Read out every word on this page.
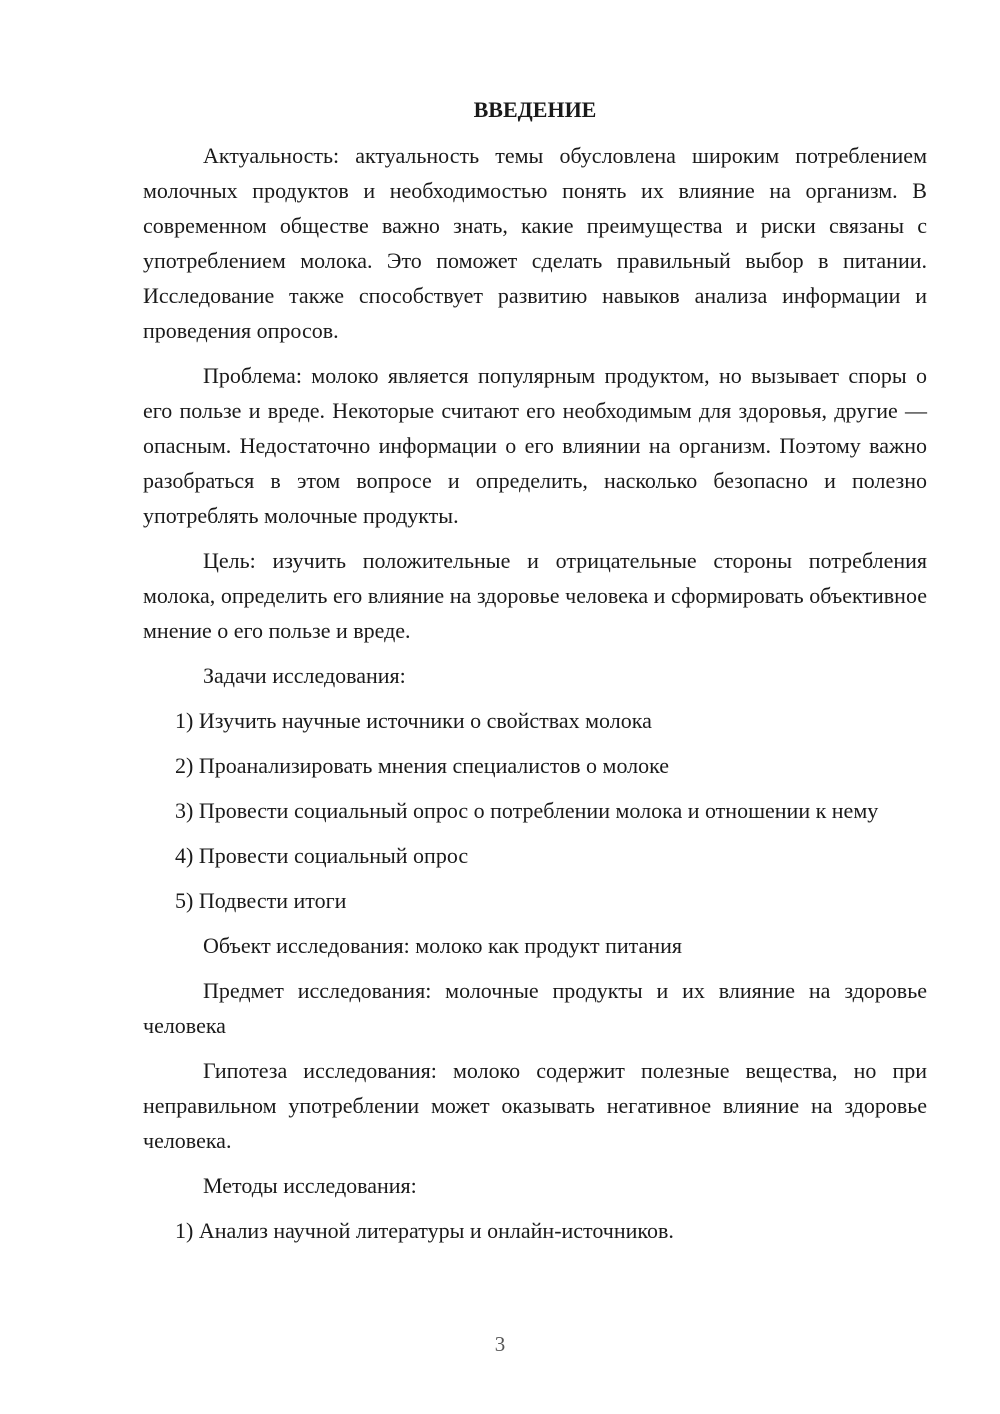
ВВЕДЕНИЕ

Актуальность: актуальность темы обусловлена широким потреблением молочных продуктов и необходимостью понять их влияние на организм. В современном обществе важно знать, какие преимущества и риски связаны с употреблением молока. Это поможет сделать правильный выбор в питании. Исследование также способствует развитию навыков анализа информации и проведения опросов.

Проблема: молоко является популярным продуктом, но вызывает споры о его пользе и вреде. Некоторые считают его необходимым для здоровья, другие — опасным. Недостаточно информации о его влиянии на организм. Поэтому важно разобраться в этом вопросе и определить, насколько безопасно и полезно употреблять молочные продукты.

Цель: изучить положительные и отрицательные стороны потребления молока, определить его влияние на здоровье человека и сформировать объективное мнение о его пользе и вреде.

Задачи исследования:

1) Изучить научные источники о свойствах молока

2) Проанализировать мнения специалистов о молоке

3) Провести социальный опрос о потреблении молока и отношении к нему

4) Провести социальный опрос

5) Подвести итоги

Объект исследования: молоко как продукт питания

Предмет исследования: молочные продукты и их влияние на здоровье человека

Гипотеза исследования: молоко содержит полезные вещества, но при неправильном употреблении может оказывать негативное влияние на здоровье человека.

Методы исследования:

1) Анализ научной литературы и онлайн-источников.

3
